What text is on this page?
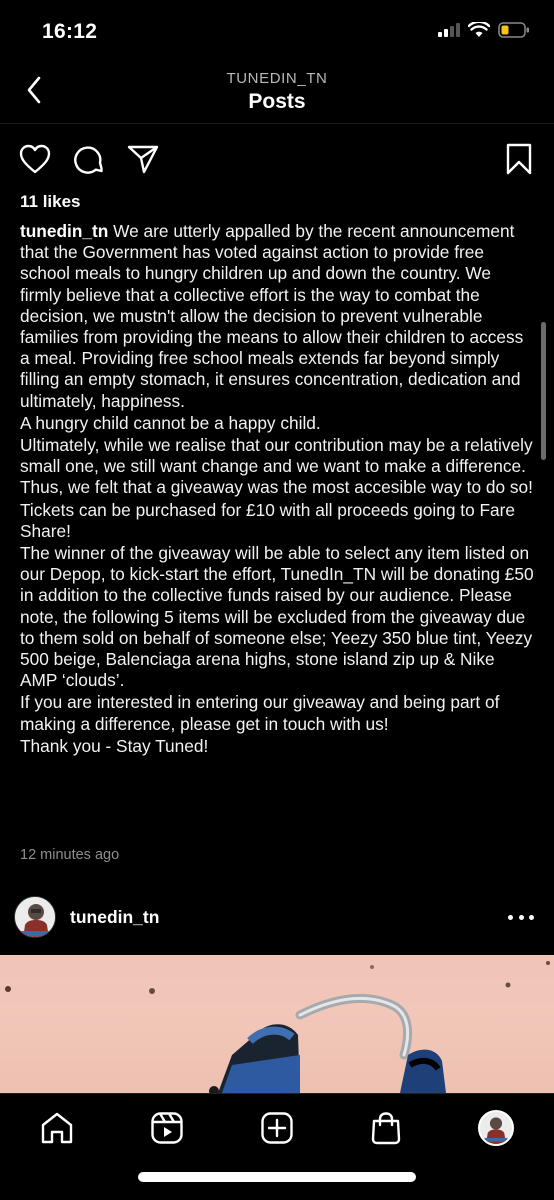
16:12
TUNEDIN_TN
Posts
11 likes

tunedin_tn We are utterly appalled by the recent announcement that the Government has voted against action to provide free school meals to hungry children up and down the country. We firmly believe that a collective effort is the way to combat the decision, we mustn't allow the decision to prevent vulnerable families from providing the means to allow their children to access a meal. Providing free school meals extends far beyond simply filling an empty stomach, it ensures concentration, dedication and ultimately, happiness.

A hungry child cannot be a happy child.

Ultimately, while we realise that our contribution may be a relatively small one, we still want change and we want to make a difference. Thus, we felt that a giveaway was the most accesible way to do so!

Tickets can be purchased for £10 with all proceeds going to Fare Share!

The winner of the giveaway will be able to select any item listed on our Depop, to kick-start the effort, TunedIn_TN will be donating £50 in addition to the collective funds raised by our audience. Please note, the following 5 items will be excluded from the giveaway due to them sold on behalf of someone else; Yeezy 350 blue tint, Yeezy 500 beige, Balenciaga arena highs, stone island zip up & Nike AMP ‘clouds’.

If you are interested in entering our giveaway and being part of making a difference, please get in touch with us!

Thank you - Stay Tuned!

12 minutes ago
tunedin_tn
